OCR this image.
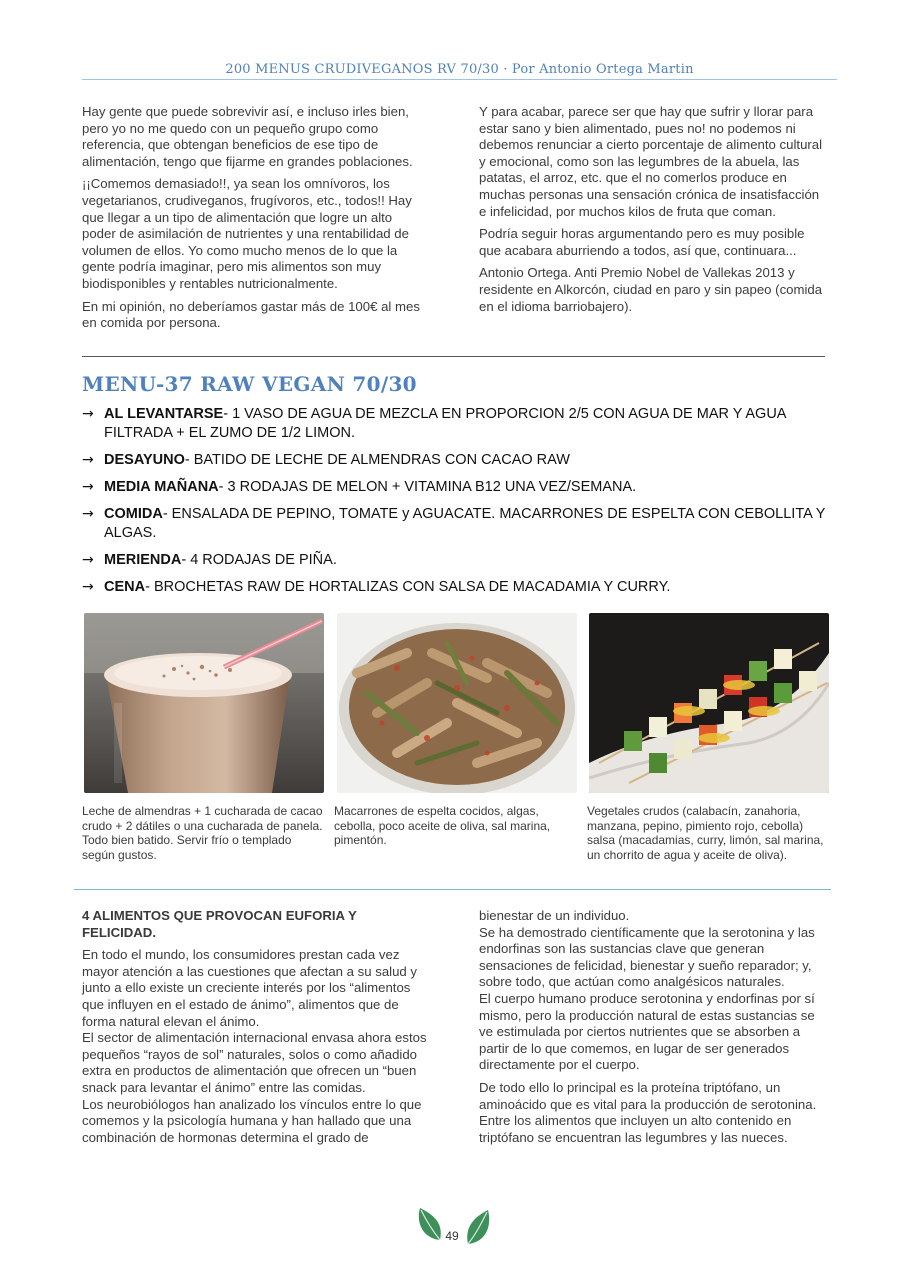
200 MENUS CRUDIVEGANOS RV 70/30 · Por Antonio Ortega Martin

Hay gente que puede sobrevivir así, e incluso irles bien, pero yo no me quedo con un pequeño grupo como referencia, que obtengan beneficios de ese tipo de alimentación, tengo que fijarme en grandes poblaciones.

¡¡Comemos demasiado!!, ya sean los omnívoros, los vegetarianos, crudiveganos, frugívoros, etc., todos!! Hay que llegar a un tipo de alimentación que logre un alto poder de asimilación de nutrientes y una rentabilidad de volumen de ellos. Yo como mucho menos de lo que la gente podría imaginar, pero mis alimentos son muy biodisponibles y rentables nutricionalmente.

En mi opinión, no deberíamos gastar más de 100€ al mes en comida por persona.

Y para acabar, parece ser que hay que sufrir y llorar para estar sano y bien alimentado, pues no! no podemos ni debemos renunciar a cierto porcentaje de alimento cultural y emocional, como son las legumbres de la abuela, las patatas, el arroz, etc. que el no comerlos produce en muchas personas una sensación crónica de insatisfacción e infelicidad, por muchos kilos de fruta que coman.

Podría seguir horas argumentando pero es muy posible que acabara aburriendo a todos, así que, continuara...

Antonio Ortega. Anti Premio Nobel de Vallekas 2013 y residente en Alkorcón, ciudad en paro y sin papeo (comida en el idioma barriobajero).

MENU-37 RAW VEGAN 70/30
→ AL LEVANTARSE- 1 VASO DE AGUA DE MEZCLA EN PROPORCION 2/5 CON AGUA DE MAR Y AGUA FILTRADA + EL ZUMO DE 1/2 LIMON.
→ DESAYUNO- BATIDO DE LECHE DE ALMENDRAS CON CACAO RAW
→ MEDIA MAÑANA- 3 RODAJAS DE MELON + VITAMINA B12 UNA VEZ/SEMANA.
→ COMIDA- ENSALADA DE PEPINO, TOMATE y AGUACATE. MACARRONES DE ESPELTA CON CEBOLLITA Y ALGAS.
→ MERIENDA- 4 RODAJAS DE PIÑA.
→ CENA- BROCHETAS RAW DE HORTALIZAS CON SALSA DE MACADAMIA Y CURRY.
Leche de almendras + 1 cucharada de cacao crudo + 2 dátiles o una cucharada de panela. Todo bien batido. Servir frío o templado según gustos.
Macarrones de espelta cocidos, algas, cebolla, poco aceite de oliva, sal marina, pimentón.
Vegetales crudos (calabacín, zanahoria, manzana, pepino, pimiento rojo, cebolla) salsa (macadamias, curry, limón, sal marina, un chorrito de agua y aceite de oliva).

4 ALIMENTOS QUE PROVOCAN EUFORIA Y FELICIDAD.

En todo el mundo, los consumidores prestan cada vez mayor atención a las cuestiones que afectan a su salud y junto a ello existe un creciente interés por los “alimentos que influyen en el estado de ánimo”, alimentos que de forma natural elevan el ánimo.

El sector de alimentación internacional envasa ahora estos pequeños “rayos de sol” naturales, solos o como añadido extra en productos de alimentación que ofrecen un “buen snack para levantar el ánimo” entre las comidas.

Los neurobiólogos han analizado los vínculos entre lo que comemos y la psicología humana y han hallado que una combinación de hormonas determina el grado de

bienestar de un individuo.

Se ha demostrado científicamente que la serotonina y las endorfinas son las sustancias clave que generan sensaciones de felicidad, bienestar y sueño reparador; y, sobre todo, que actúan como analgésicos naturales.

El cuerpo humano produce serotonina y endorfinas por sí mismo, pero la producción natural de estas sustancias se ve estimulada por ciertos nutrientes que se absorben a partir de lo que comemos, en lugar de ser generados directamente por el cuerpo.

De todo ello lo principal es la proteína triptófano, un aminoácido que es vital para la producción de serotonina. Entre los alimentos que incluyen un alto contenido en triptófano se encuentran las legumbres y las nueces.

49
